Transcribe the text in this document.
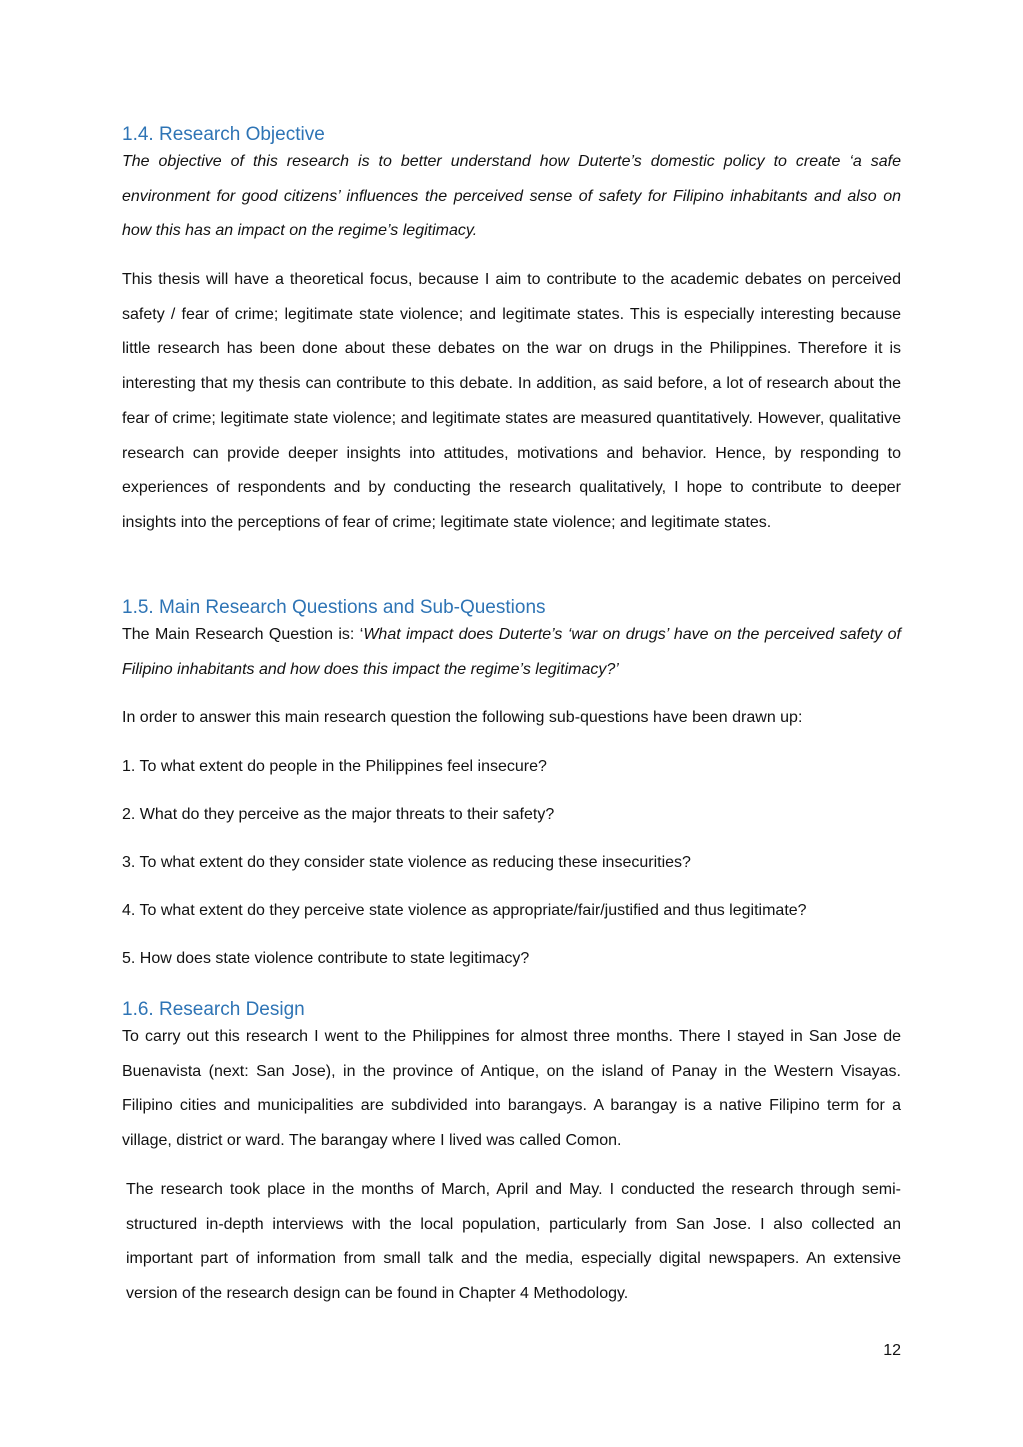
1.4. Research Objective

The objective of this research is to better understand how Duterte’s domestic policy to create ‘a safe environment for good citizens’ influences the perceived sense of safety for Filipino inhabitants and also on how this has an impact on the regime’s legitimacy.

This thesis will have a theoretical focus, because I aim to contribute to the academic debates on perceived safety / fear of crime; legitimate state violence; and legitimate states. This is especially interesting because little research has been done about these debates on the war on drugs in the Philippines. Therefore it is interesting that my thesis can contribute to this debate. In addition, as said before, a lot of research about the fear of crime; legitimate state violence; and legitimate states are measured quantitatively. However, qualitative research can provide deeper insights into attitudes, motivations and behavior. Hence, by responding to experiences of respondents and by conducting the research qualitatively, I hope to contribute to deeper insights into the perceptions of fear of crime; legitimate state violence; and legitimate states.

1.5. Main Research Questions and Sub-Questions

The Main Research Question is: ‘What impact does Duterte’s ‘war on drugs’ have on the perceived safety of Filipino inhabitants and how does this impact the regime’s legitimacy?’

In order to answer this main research question the following sub-questions have been drawn up:

1. To what extent do people in the Philippines feel insecure?

2. What do they perceive as the major threats to their safety?

3. To what extent do they consider state violence as reducing these insecurities?

4. To what extent do they perceive state violence as appropriate/fair/justified and thus legitimate?

5. How does state violence contribute to state legitimacy?

1.6. Research Design

To carry out this research I went to the Philippines for almost three months. There I stayed in San Jose de Buenavista (next: San Jose), in the province of Antique, on the island of Panay in the Western Visayas. Filipino cities and municipalities are subdivided into barangays. A barangay is a native Filipino term for a village, district or ward. The barangay where I lived was called Comon.

The research took place in the months of March, April and May. I conducted the research through semi-structured in-depth interviews with the local population, particularly from San Jose. I also collected an important part of information from small talk and the media, especially digital newspapers. An extensive version of the research design can be found in Chapter 4 Methodology.

12
